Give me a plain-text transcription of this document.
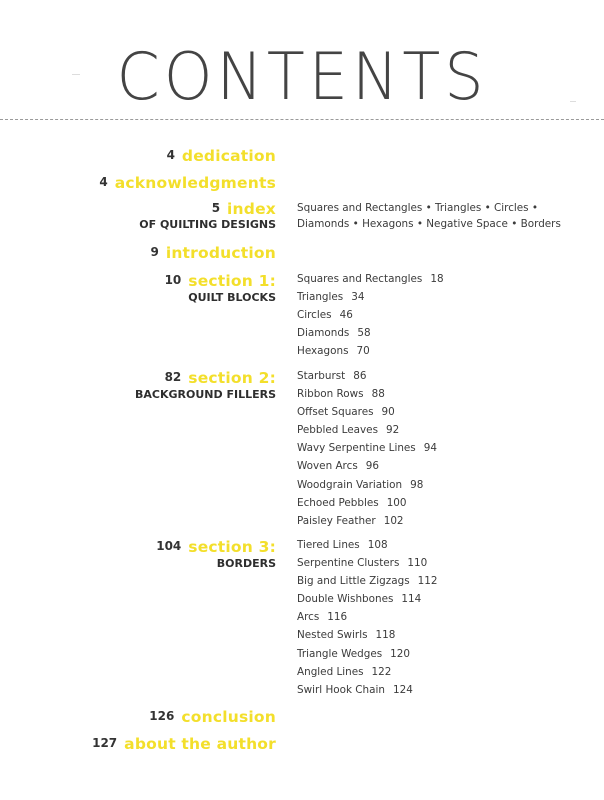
CONTENTS
4 dedication
4 acknowledgments
5 index
OF QUILTING DESIGNS
Squares and Rectangles • Triangles • Circles •
Diamonds • Hexagons • Negative Space • Borders
9 introduction
10 section 1:
QUILT BLOCKS
Squares and Rectangles 18
Triangles 34
Circles 46
Diamonds 58
Hexagons 70
82 section 2:
BACKGROUND FILLERS
Starburst 86
Ribbon Rows 88
Offset Squares 90
Pebbled Leaves 92
Wavy Serpentine Lines 94
Woven Arcs 96
Woodgrain Variation 98
Echoed Pebbles 100
Paisley Feather 102
104 section 3:
BORDERS
Tiered Lines 108
Serpentine Clusters 110
Big and Little Zigzags 112
Double Wishbones 114
Arcs 116
Nested Swirls 118
Triangle Wedges 120
Angled Lines 122
Swirl Hook Chain 124
126 conclusion
127 about the author
